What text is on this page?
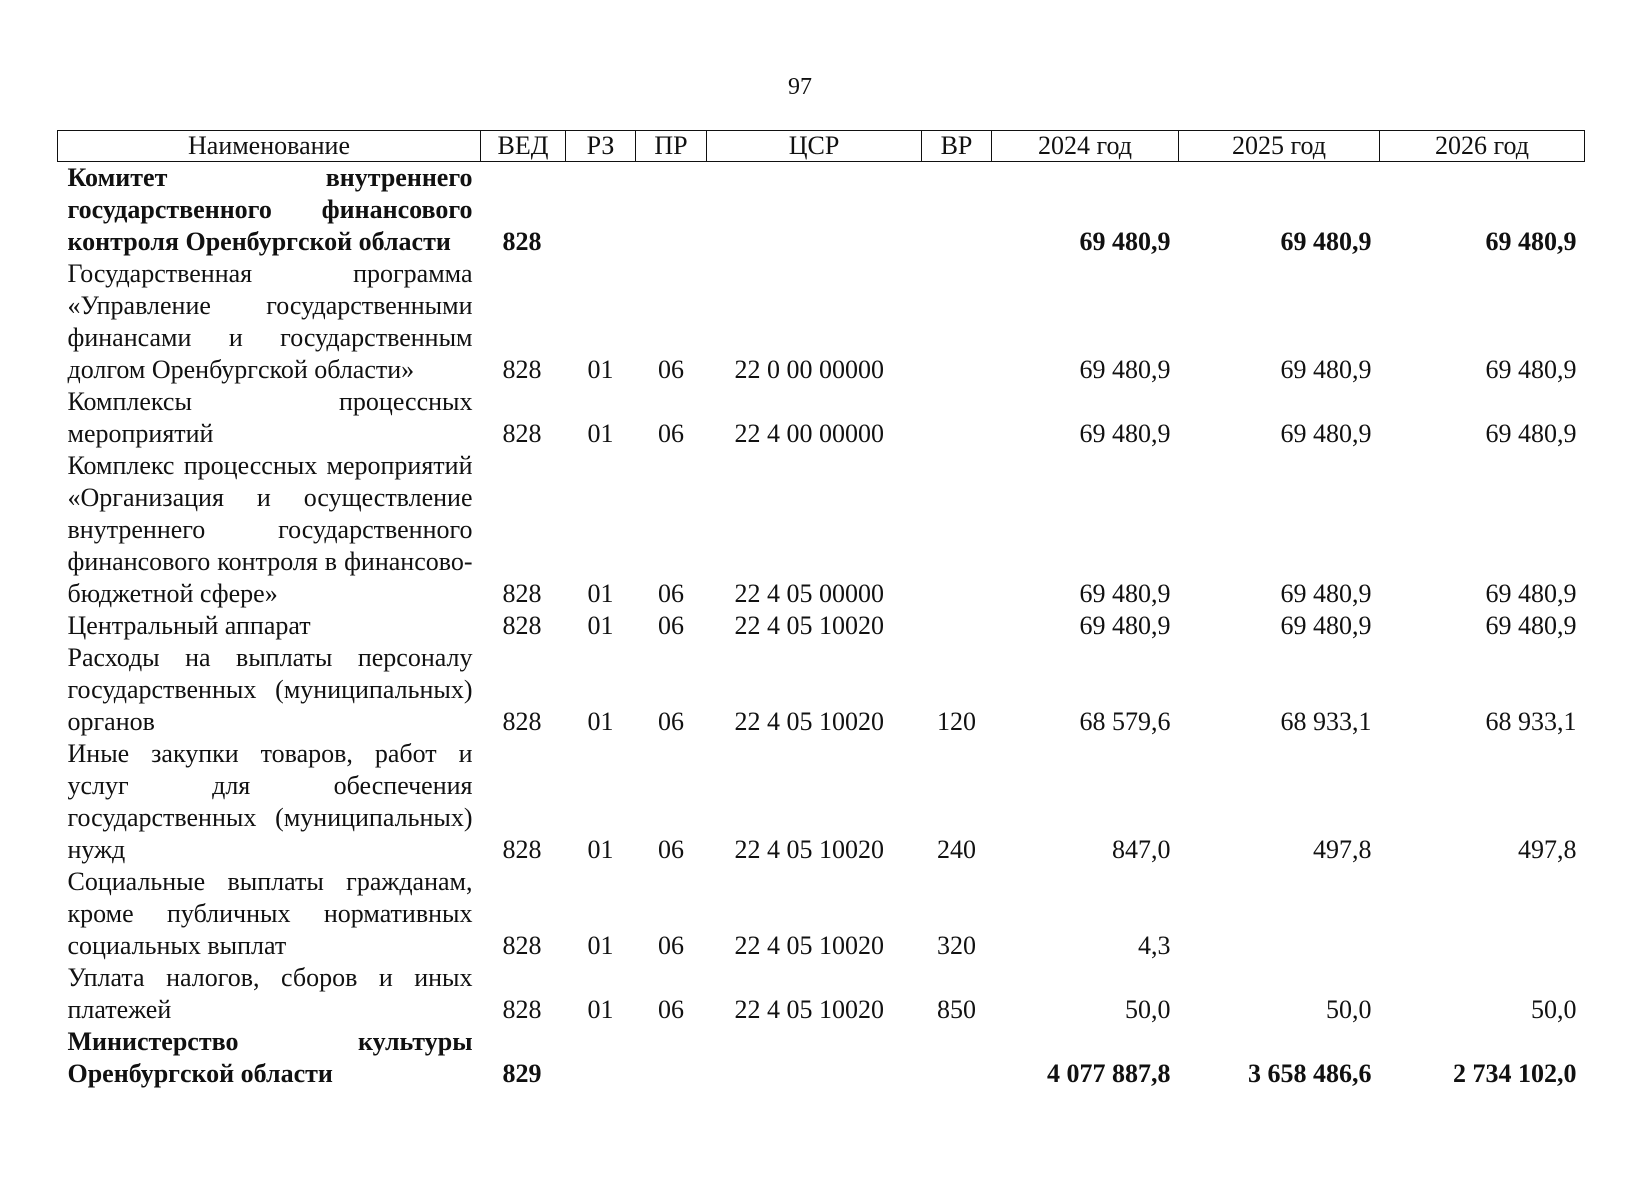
97
Наименование	ВЕД	РЗ	ПР	ЦСР	ВР	2024 год	2025 год	2026 год
Комитет внутреннего государственного финансового контроля Оренбургской области	828					69 480,9	69 480,9	69 480,9
Государственная программа «Управление государственными финансами и государственным долгом Оренбургской области»	828	01	06	22 0 00 00000		69 480,9	69 480,9	69 480,9
Комплексы процессных мероприятий	828	01	06	22 4 00 00000		69 480,9	69 480,9	69 480,9
Комплекс процессных мероприятий «Организация и осуществление внутреннего государственного финансового контроля в финансово-бюджетной сфере»	828	01	06	22 4 05 00000		69 480,9	69 480,9	69 480,9
Центральный аппарат	828	01	06	22 4 05 10020		69 480,9	69 480,9	69 480,9
Расходы на выплаты персоналу государственных (муниципальных) органов	828	01	06	22 4 05 10020	120	68 579,6	68 933,1	68 933,1
Иные закупки товаров, работ и услуг для обеспечения государственных (муниципальных) нужд	828	01	06	22 4 05 10020	240	847,0	497,8	497,8
Социальные выплаты гражданам, кроме публичных нормативных социальных выплат	828	01	06	22 4 05 10020	320	4,3		
Уплата налогов, сборов и иных платежей	828	01	06	22 4 05 10020	850	50,0	50,0	50,0
Министерство культуры Оренбургской области	829					4 077 887,8	3 658 486,6	2 734 102,0
